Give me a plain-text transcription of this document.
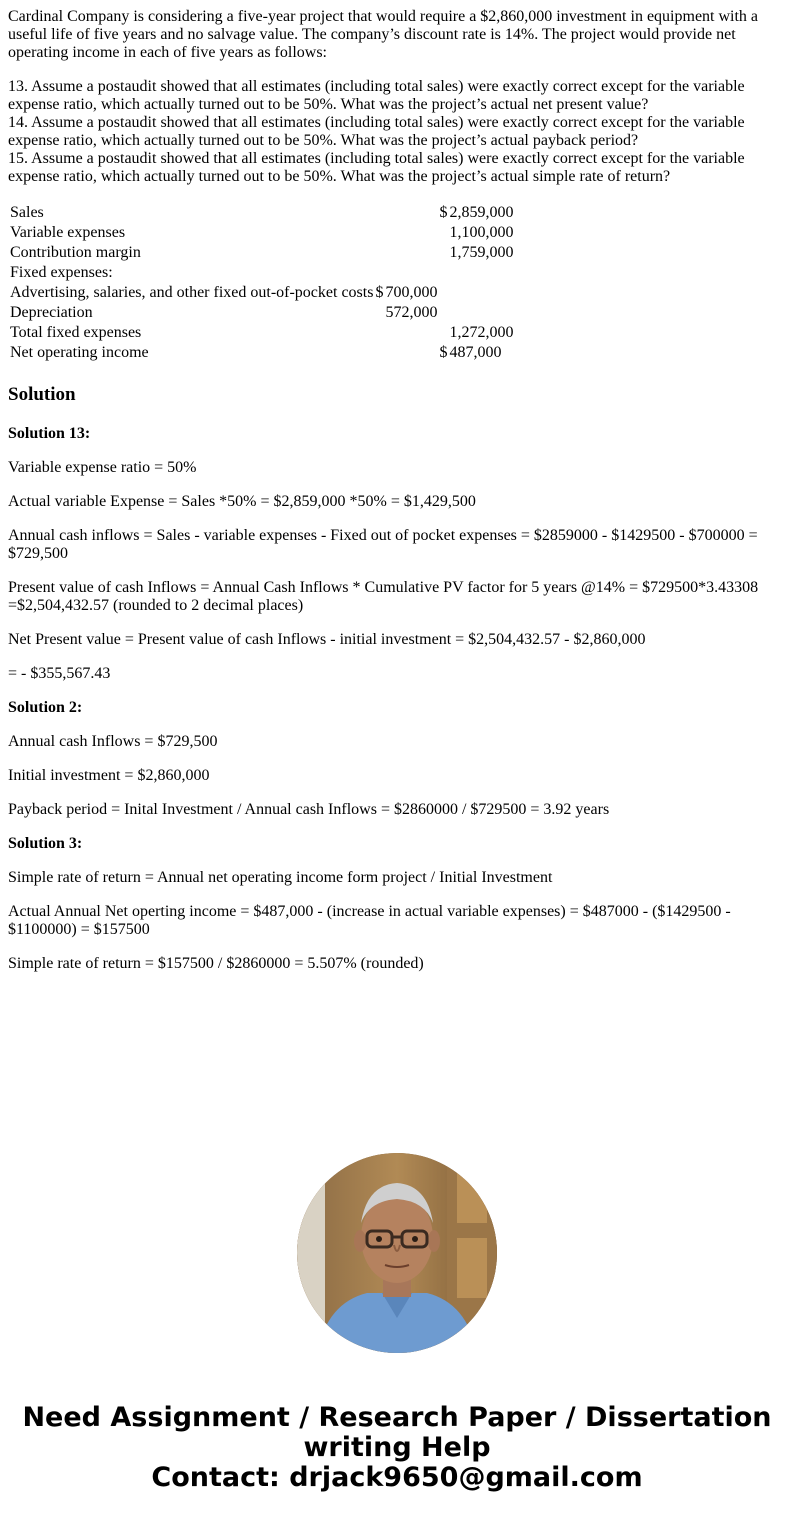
Cardinal Company is considering a five-year project that would require a $2,860,000 investment in equipment with a useful life of five years and no salvage value. The company’s discount rate is 14%. The project would provide net operating income in each of five years as follows:

13. Assume a postaudit showed that all estimates (including total sales) were exactly correct except for the variable expense ratio, which actually turned out to be 50%. What was the project’s actual net present value?

14. Assume a postaudit showed that all estimates (including total sales) were exactly correct except for the variable expense ratio, which actually turned out to be 50%. What was the project’s actual payback period?

15. Assume a postaudit showed that all estimates (including total sales) were exactly correct except for the variable expense ratio, which actually turned out to be 50%. What was the project’s actual simple rate of return?

Sales			$	2,859,000
Variable expenses				1,100,000
Contribution margin				1,759,000
Fixed expenses:				
Advertising, salaries, and other fixed out-of-pocket costs	$	700,000		
Depreciation		572,000		
Total fixed expenses				1,272,000
Net operating income			$	487,000
Solution

Solution 13:

Variable expense ratio = 50%

Actual variable Expense = Sales *50% = $2,859,000 *50% = $1,429,500

Annual cash inflows = Sales - variable expenses - Fixed out of pocket expenses = $2859000 - $1429500 - $700000 = $729,500

Present value of cash Inflows = Annual Cash Inflows * Cumulative PV factor for 5 years @14% = $729500*3.43308 =$2,504,432.57 (rounded to 2 decimal places)

Net Present value = Present value of cash Inflows - initial investment = $2,504,432.57 - $2,860,000

= - $355,567.43

Solution 2:

Annual cash Inflows = $729,500

Initial investment = $2,860,000

Payback period = Inital Investment / Annual cash Inflows = $2860000 / $729500 = 3.92 years

Solution 3:

Simple rate of return = Annual net operating income form project / Initial Investment

Actual Annual Net operting income = $487,000 - (increase in actual variable expenses) = $487000 - ($1429500 - $1100000) = $157500

Simple rate of return = $157500 / $2860000 = 5.507% (rounded)

Need Assignment / Research Paper / Dissertation
writing Help
Contact: drjack9650@gmail.com
